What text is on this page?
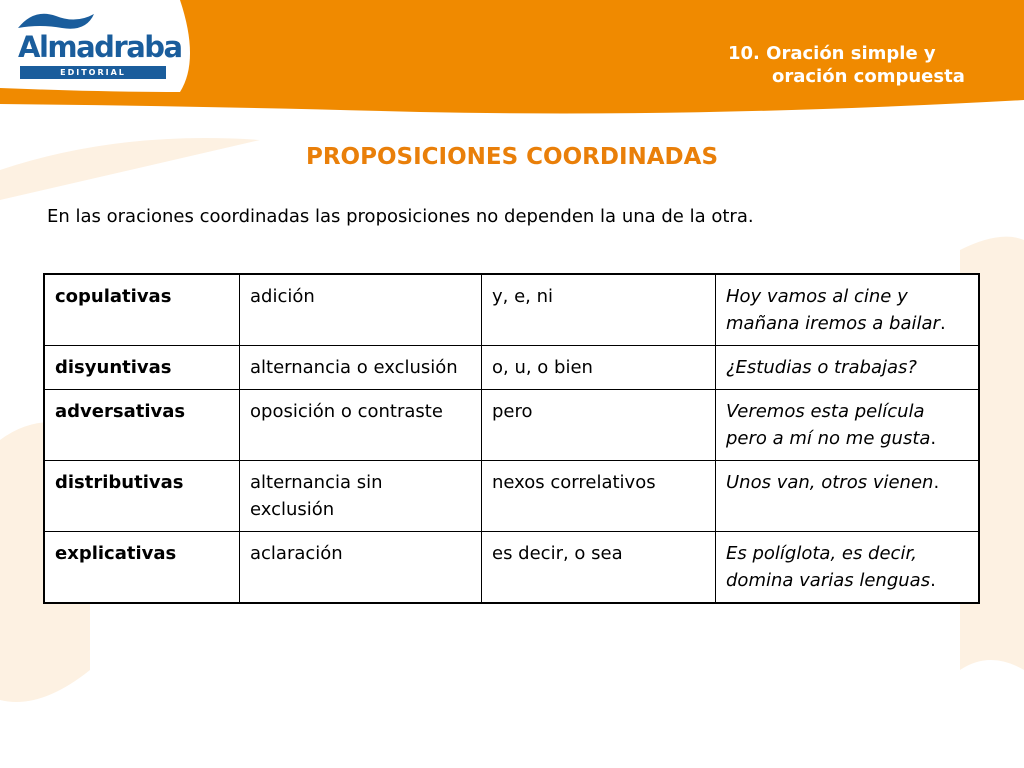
Almadraba
EDITORIAL
10. Oración simple y
oración compuesta
PROPOSICIONES COORDINADAS
En las oraciones coordinadas las proposiciones no dependen la una de la otra.
copulativas	adición	y, e, ni	Hoy vamos al cine y mañana iremos a bailar.
disyuntivas	alternancia o exclusión	o, u, o bien	¿Estudias o trabajas?
adversativas	oposición o contraste	pero	Veremos esta película pero a mí no me gusta.
distributivas	alternancia sin exclusión	nexos correlativos	Unos van, otros vienen.
explicativas	aclaración	es decir, o sea	Es políglota, es decir, domina varias lenguas.
